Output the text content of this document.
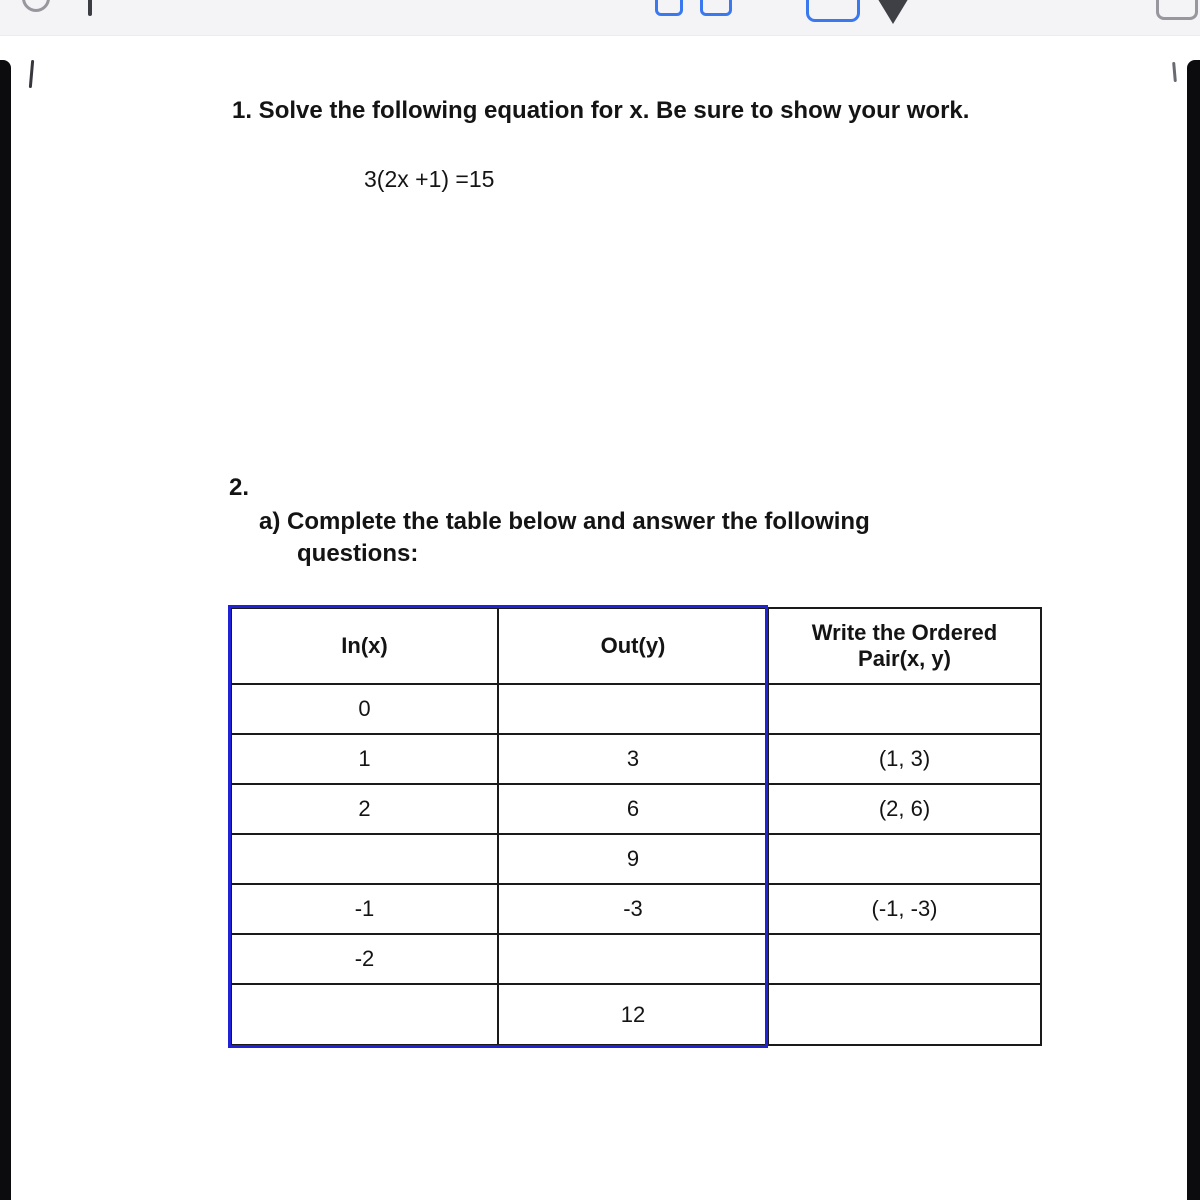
1. Solve the following equation for x. Be sure to show your work.
3(2x +1) =15
2.
a) Complete the table below and answer the following
questions:
In(x)	Out(y)	Write the Ordered Pair(x, y)
0		
1	3	(1, 3)
2	6	(2, 6)
	9	
-1	-3	(-1, -3)
-2		
	12	
